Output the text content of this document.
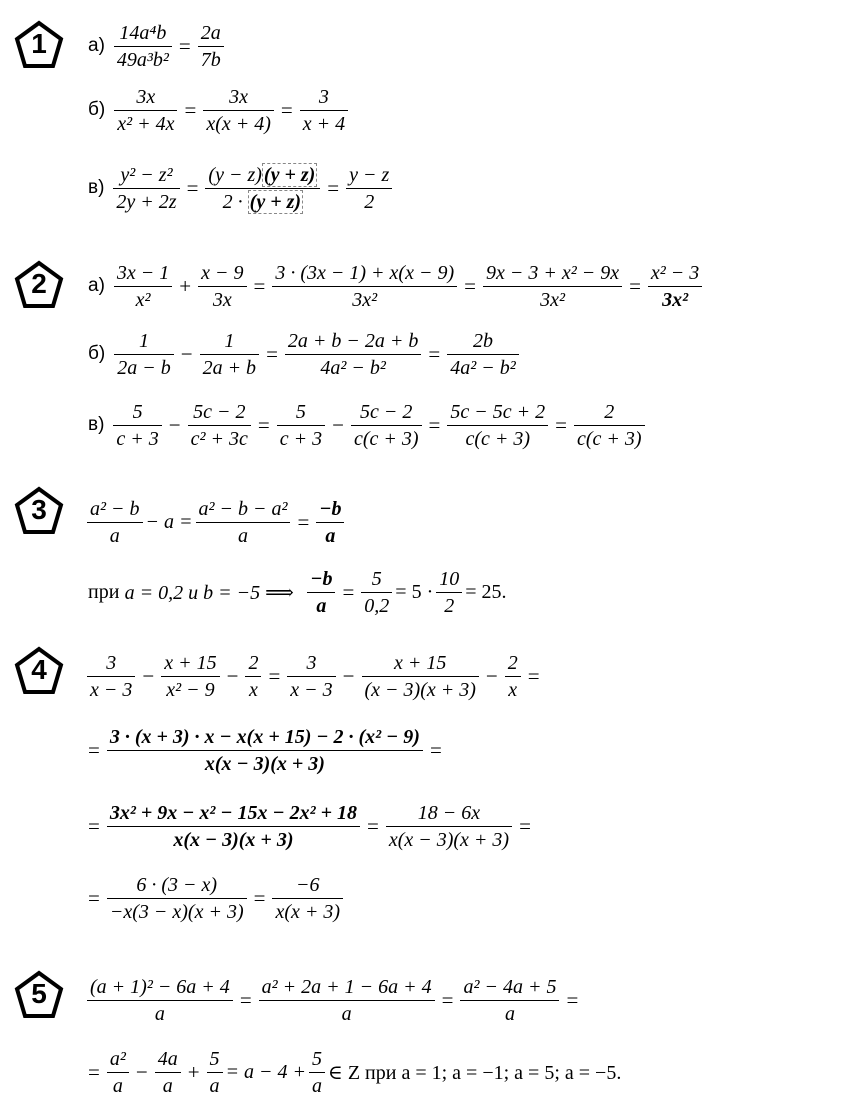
1	$а) \frac{\text{14a⁴b}}{\text{49a³b²}} = \frac{2a}{7b}$
$б) \frac{3x}{\text{x² + 4x}} = \frac{3x}{x(x + 4)} = \frac{3}{x + 4}$
$в) \frac{\text{y² − z²}}{2y + 2z} = \frac{(y - z) (y + z)}{2 \cdot (y + z)} = \frac{y - z}{2}$
2	$а) \frac{3x - 1}{\text{x²}} + \frac{x - 9}{3x} = \frac{3 \cdot (3x - 1) + x(x - 9)}{\text{3x²}} = \frac{\text{9x − 3 + x² − 9x}}{\text{3x²}} = \frac{\text{x² − 3}}{\text{3x²}}$
$б) \frac{1}{2a - b} - \frac{1}{2a + b} = \frac{2a + b - 2a + b}{\text{4a² − b²}} = \frac{2b}{\text{4a² − b²}}$
$в) \frac{5}{c + 3} - \frac{5c - 2}{\text{c² + 3c}} = \frac{5}{c + 3} - \frac{5c - 2}{c(c + 3)} = \frac{5c - 5c + 2}{c(c + 3)} = \frac{2}{c(c + 3)}$
3	$\frac{\text{a² − b}}{a} - a = \frac{\text{a² − b − a²}}{a} = \frac{-b}{a}$
при
a = 0,2 и b = −5 ⟹
$\frac{-b}{a} = \frac{5}{0,2} = 5 \cdot \frac{10}{2} = 25$.
4	$\frac{3}{x - 3} - \frac{x + 15}{\text{x² − 9}} - \frac{2}{x} = \frac{3}{x - 3} - \frac{x + 15}{(x - 3)(x + 3)} - \frac{2}{x}$ =
= $\frac{\text{3 · (x + 3) · x − x(x + 15) − 2 · (x² − 9)}}{x(x - 3)(x + 3)}$ =
= $\frac{\text{3x² + 9x − x² − 15x − 2x² + 18}}{x(x - 3)(x + 3)} = \frac{18 - 6x}{x(x - 3)(x + 3)}$ =
= $\frac{6 \cdot (3 - x)}{-x(3 - x)(x + 3)} = \frac{-6}{x(x + 3)}$
5	$\frac{\text{(a + 1)² − 6a + 4}}{a} = \frac{\text{a² + 2a + 1 − 6a + 4}}{a} = \frac{\text{a² − 4a + 5}}{a}$ =
= $\frac{\text{a²}}{a} - \frac{4a}{a} + \frac{5}{a} = a - 4 + \frac{5}{a}$ ∈ Z при a = 1; a = −1; a = 5; a = −5.
